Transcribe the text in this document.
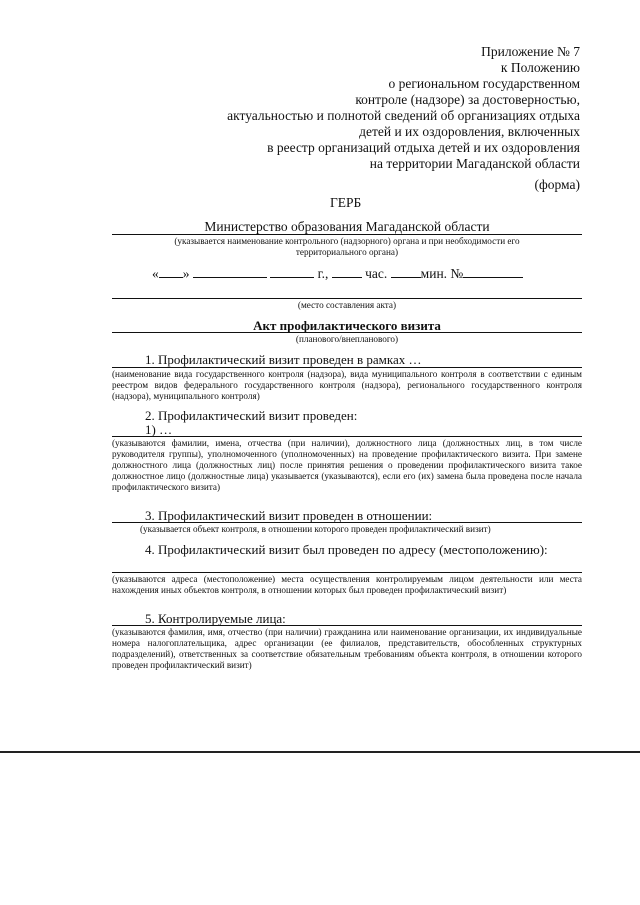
Приложение № 7
к Положению
о региональном государственном
контроле (надзоре) за достоверностью,
актуальностью и полнотой сведений об организациях отдыха
детей и их оздоровления, включенных
в реестр организаций отдыха детей и их оздоровления
на территории Магаданской области
(форма)
ГЕРБ
Министерство образования Магаданской области
(указывается наименование контрольного (надзорного) органа и при необходимости его территориального органа)
« »	г.,	час. мин. №
(место составления акта)
Акт профилактического визита
(планового/внепланового)
1. Профилактический визит проведен в рамках …
(наименование вида государственного контроля (надзора), вида муниципального контроля в соответствии с единым реестром видов федерального государственного контроля (надзора), регионального государственного контроля (надзора), муниципального контроля)
2. Профилактический визит проведен:
1) …
(указываются фамилии, имена, отчества (при наличии), должностного лица (должностных лиц, в том числе руководителя группы), уполномоченного (уполномоченных) на проведение профилактического визита. При замене должностного лица (должностных лиц) после принятия решения о проведении профилактического визита такое должностное лицо (должностные лица) указывается (указываются), если его (их) замена была проведена после начала профилактического визита)
3. Профилактический визит проведен в отношении:
(указывается объект контроля, в отношении которого проведен профилактический визит)
4. Профилактический визит был проведен по адресу (местоположению):
(указываются адреса (местоположение) места осуществления контролируемым лицом деятельности или места нахождения иных объектов контроля, в отношении которых был проведен профилактический визит)
5. Контролируемые лица:
(указываются фамилия, имя, отчество (при наличии) гражданина или наименование организации, их индивидуальные номера налогоплательщика, адрес организации (ее филиалов, представительств, обособленных структурных подразделений), ответственных за соответствие обязательным требованиям объекта контроля, в отношении которого проведен профилактический визит)
